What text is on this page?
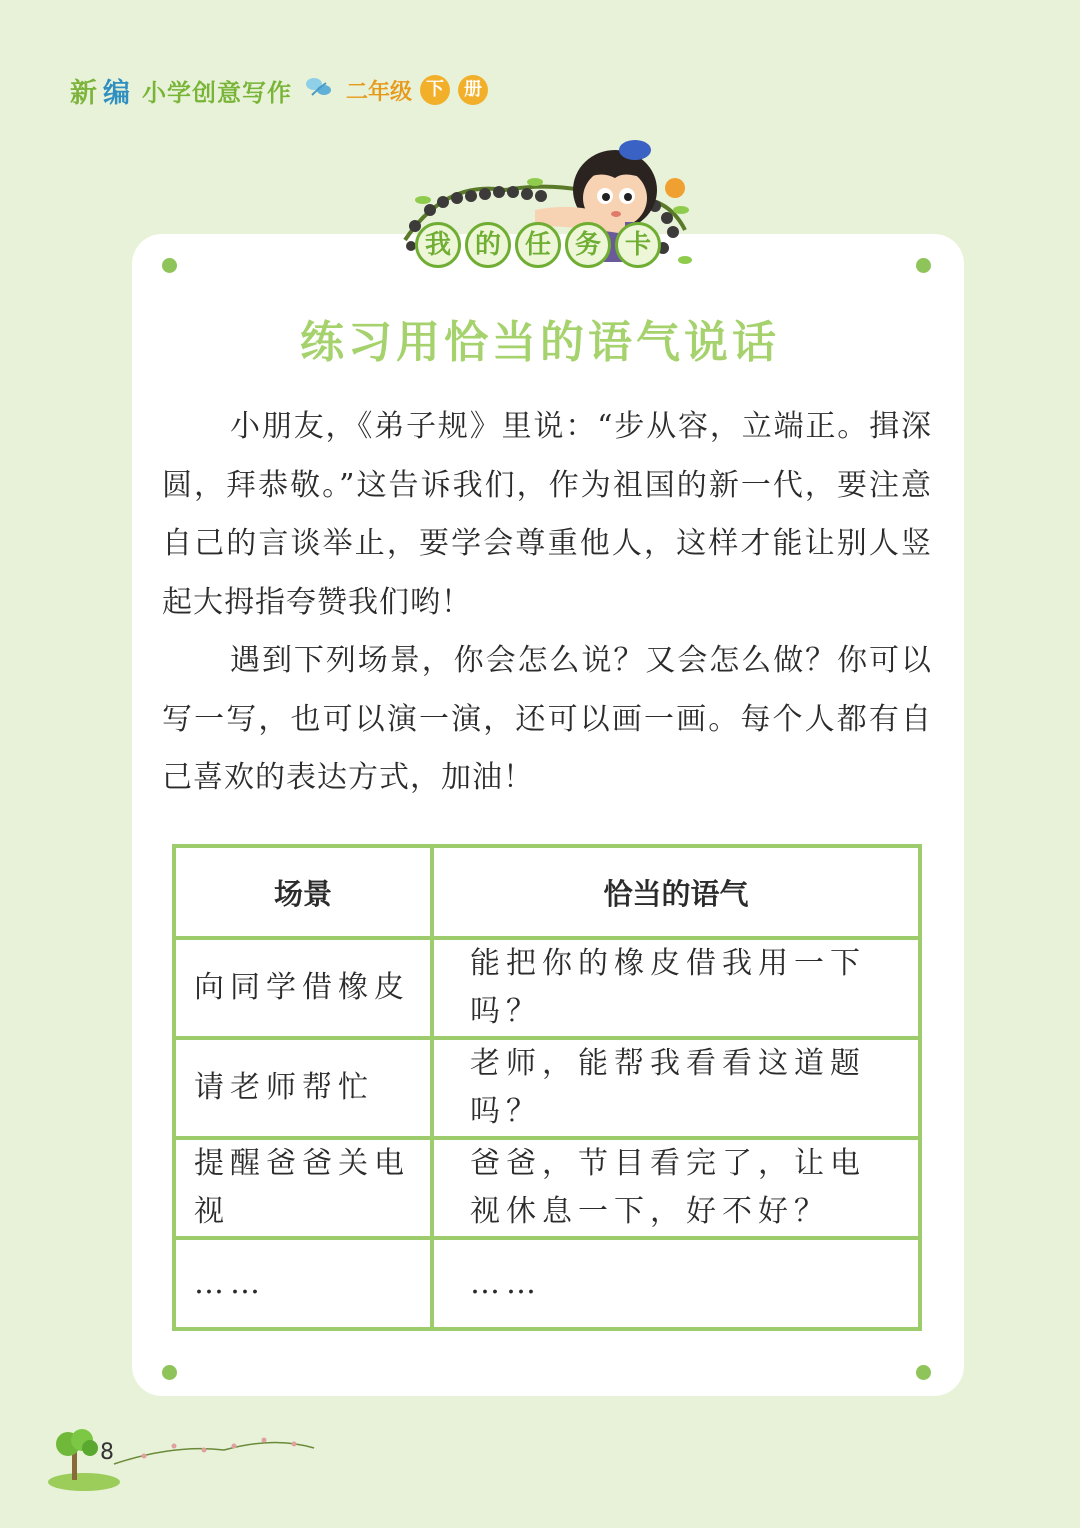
新 编 小学创意写作 二年级 下	册
我 的 任 务 卡
练习用恰当的语气说话

小朋友，《弟子规》里说：“步从容，立端正。揖深圆，拜恭敬。”这告诉我们，作为祖国的新一代，要注意自己的言谈举止，要学会尊重他人，这样才能让别人竖起大拇指夸赞我们哟！

遇到下列场景，你会怎么说？又会怎么做？你可以写一写，也可以演一演，还可以画一画。每个人都有自己喜欢的表达方式，加油！

场景	恰当的语气
向同学借橡皮	能把你的橡皮借我用一下吗？
请老师帮忙	老师，能帮我看看这道题吗？
提醒爸爸关电视	爸爸，节目看完了，让电视休息一下，好不好？
……	……
8
